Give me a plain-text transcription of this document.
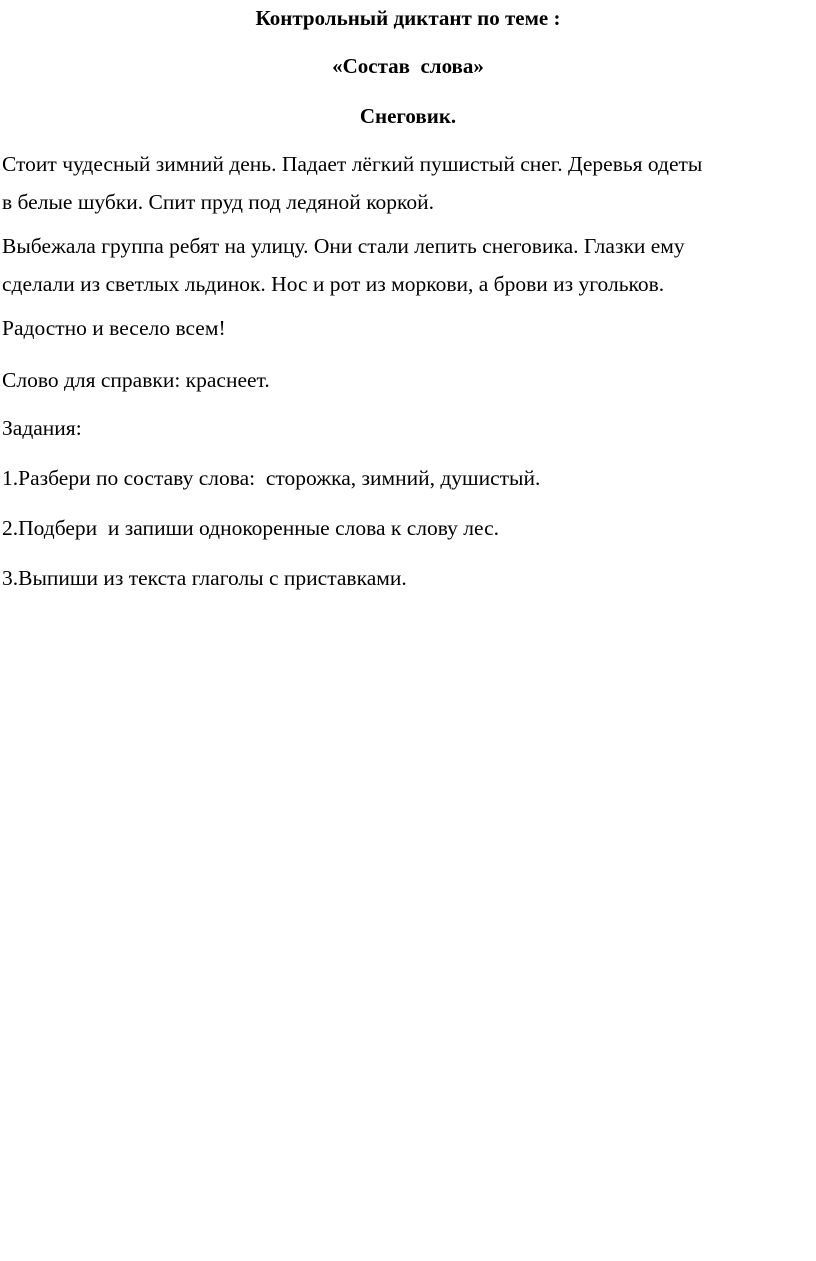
Контрольный диктант по теме :
«Состав  слова»
Снеговик.
Стоит чудесный зимний день. Падает лёгкий пушистый снег. Деревья одеты
в белые шубки. Спит пруд под ледяной коркой.
Выбежала группа ребят на улицу. Они стали лепить снеговика. Глазки ему
сделали из светлых льдинок. Нос и рот из моркови, а брови из угольков.
Радостно и весело всем!
Слово для справки: краснеет.
Задания:
1.Разбери по составу слова:  сторожка, зимний, душистый.
2.Подбери  и запиши однокоренные слова к слову лес.
3.Выпиши из текста глаголы с приставками.
